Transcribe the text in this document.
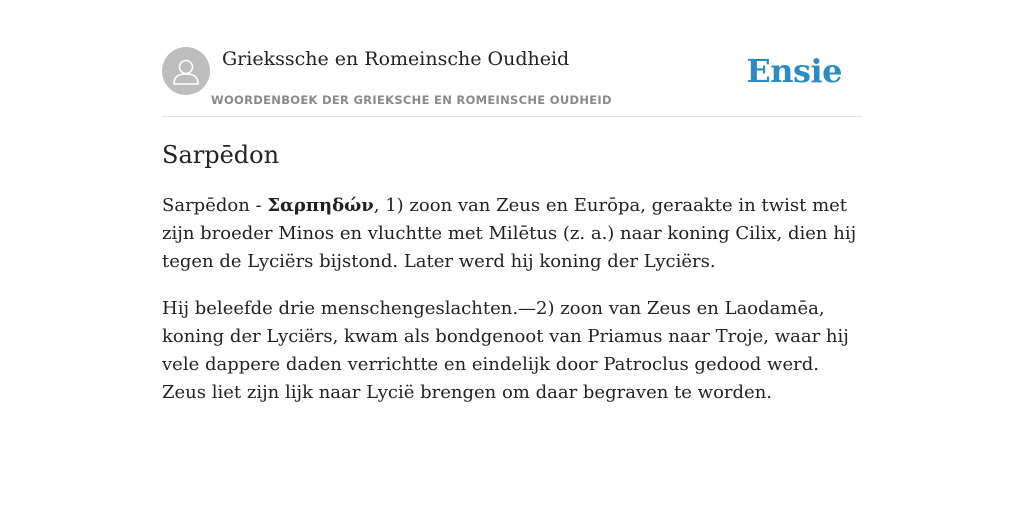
Griekssche en Romeinsche Oudheid
WOORDENBOEK DER GRIEKSCHE EN ROMEINSCHE OUDHEID
Ensie
Sarpēdon

Sarpēdon - Σαρπηδών, 1) zoon van Zeus en Eurōpa, geraakte in twist met zijn broeder Minos en vluchtte met Milētus (z. a.) naar koning Cilix, dien hij tegen de Lyciërs bijstond. Later werd hij koning der Lyciërs.

Hij beleefde drie menschengeslachten.—2) zoon van Zeus en Laodamēa, koning der Lyciërs, kwam als bondgenoot van Priamus naar Troje, waar hij vele dappere daden verrichtte en eindelijk door Patroclus gedood werd. Zeus liet zijn lijk naar Lycië brengen om daar begraven te worden.
